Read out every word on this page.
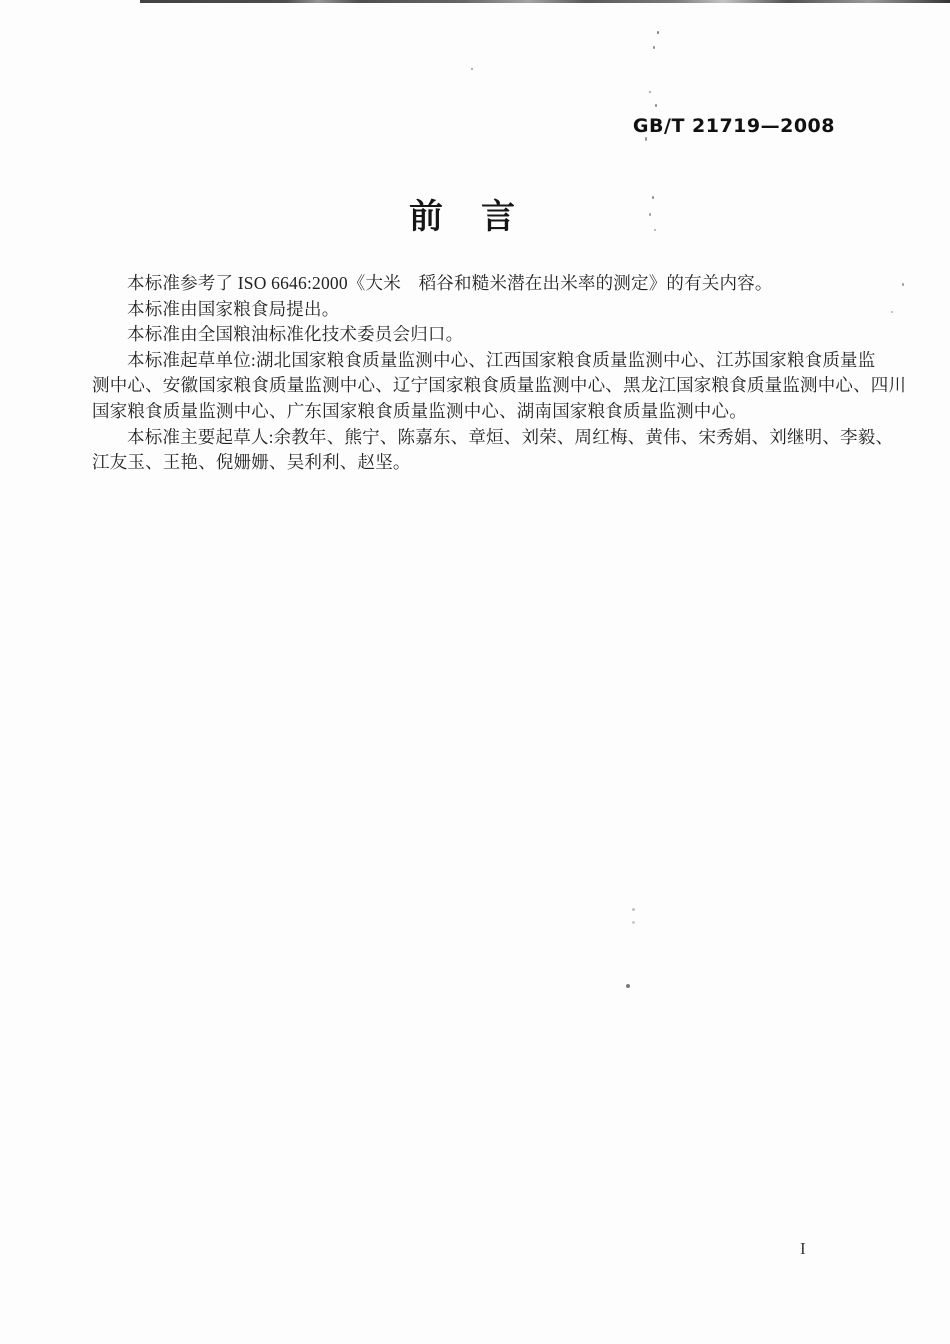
GB/T 21719—2008
前　言
本标准参考了 ISO 6646:2000《大米　稻谷和糙米潜在出米率的测定》的有关内容。
本标准由国家粮食局提出。
本标准由全国粮油标准化技术委员会归口。
本标准起草单位:湖北国家粮食质量监测中心、江西国家粮食质量监测中心、江苏国家粮食质量监
测中心、安徽国家粮食质量监测中心、辽宁国家粮食质量监测中心、黑龙江国家粮食质量监测中心、四川
国家粮食质量监测中心、广东国家粮食质量监测中心、湖南国家粮食质量监测中心。
本标准主要起草人:余教年、熊宁、陈嘉东、章烜、刘荣、周红梅、黄伟、宋秀娟、刘继明、李毅、
江友玉、王艳、倪姗姗、吴利利、赵坚。
I
